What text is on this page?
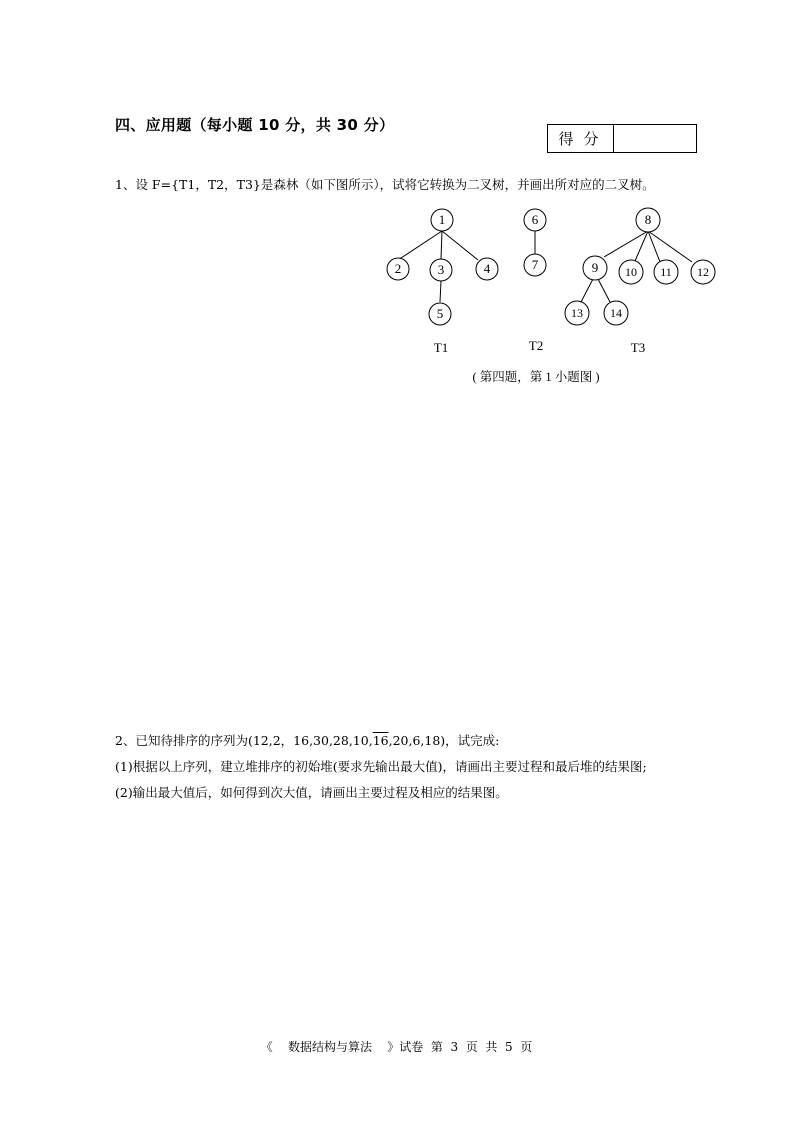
四、应用题（每小题 10 分，共 30 分）
得分
1、设 F={T1，T2，T3}是森林（如下图所示），试将它转换为二叉树，并画出所对应的二叉树。
1
2	3	4
5
6
7
8
9 10 11 12
13 14
T1	T2	T3
( 第四题，第 1 小题图 )
2、已知待排序的序列为(12,2，16,30,28,10,16,20,6,18)，试完成:
(1)根据以上序列，建立堆排序的初始堆(要求先输出最大值)，请画出主要过程和最后堆的结果图;
(2)输出最大值后，如何得到次大值，请画出主要过程及相应的结果图。
《    数据结构与算法    》试卷  第  3  页  共  5  页
